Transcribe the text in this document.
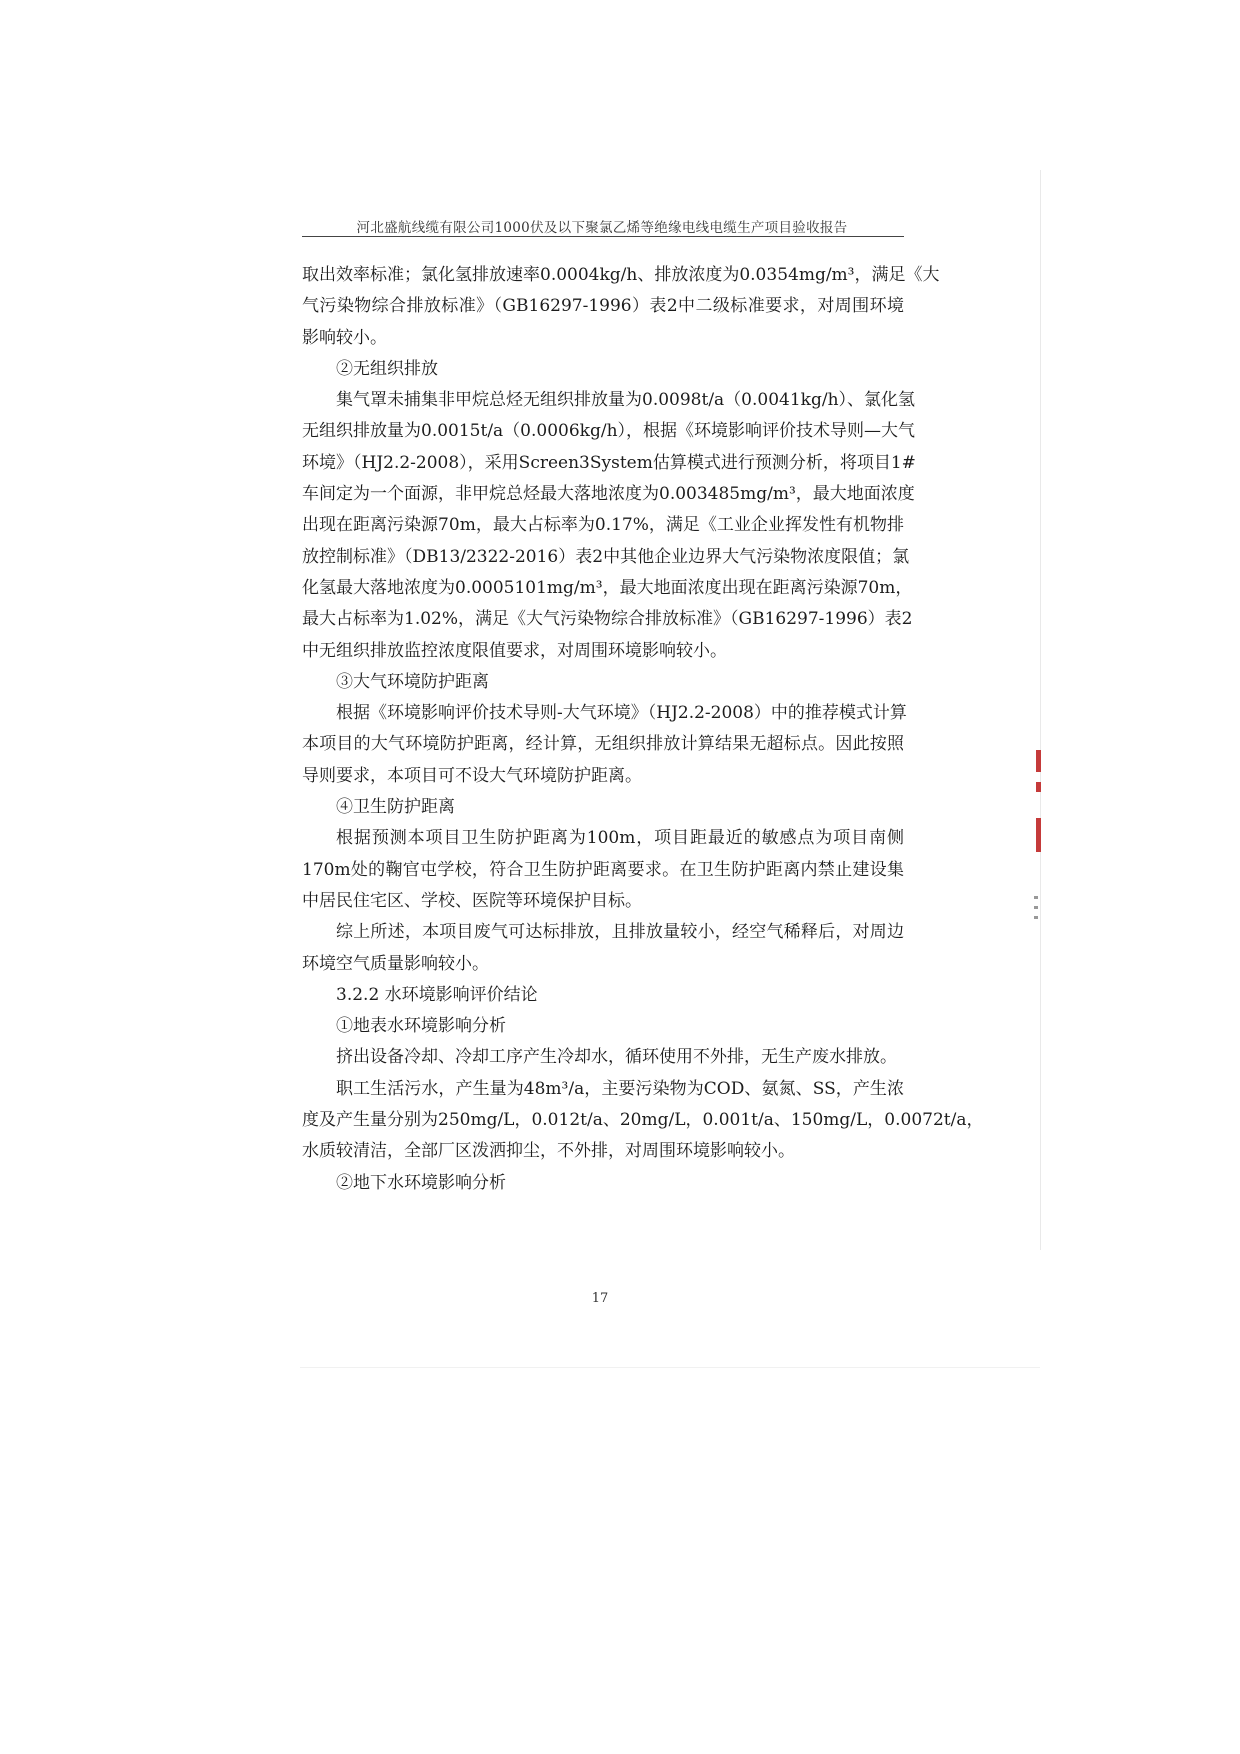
河北盛航线缆有限公司1000伏及以下聚氯乙烯等绝缘电线电缆生产项目验收报告
取出效率标准；氯化氢排放速率0.0004kg/h、排放浓度为0.0354mg/m³，满足《大
气污染物综合排放标准》（GB16297-1996）表2中二级标准要求，对周围环境
影响较小。
②无组织排放
集气罩未捕集非甲烷总烃无组织排放量为0.0098t/a（0.0041kg/h）、氯化氢
无组织排放量为0.0015t/a（0.0006kg/h），根据《环境影响评价技术导则—大气
环境》（HJ2.2-2008），采用Screen3System估算模式进行预测分析，将项目1#
车间定为一个面源，非甲烷总烃最大落地浓度为0.003485mg/m³，最大地面浓度
出现在距离污染源70m，最大占标率为0.17%，满足《工业企业挥发性有机物排
放控制标准》（DB13/2322-2016）表2中其他企业边界大气污染物浓度限值；氯
化氢最大落地浓度为0.0005101mg/m³，最大地面浓度出现在距离污染源70m，
最大占标率为1.02%，满足《大气污染物综合排放标准》（GB16297-1996）表2
中无组织排放监控浓度限值要求，对周围环境影响较小。
③大气环境防护距离
根据《环境影响评价技术导则-大气环境》（HJ2.2-2008）中的推荐模式计算
本项目的大气环境防护距离，经计算，无组织排放计算结果无超标点。因此按照
导则要求，本项目可不设大气环境防护距离。
④卫生防护距离
根据预测本项目卫生防护距离为100m，项目距最近的敏感点为项目南侧
170m处的鞠官屯学校，符合卫生防护距离要求。在卫生防护距离内禁止建设集
中居民住宅区、学校、医院等环境保护目标。
综上所述，本项目废气可达标排放，且排放量较小，经空气稀释后，对周边
环境空气质量影响较小。
3.2.2 水环境影响评价结论
①地表水环境影响分析
挤出设备冷却、冷却工序产生冷却水，循环使用不外排，无生产废水排放。
职工生活污水，产生量为48m³/a，主要污染物为COD、氨氮、SS，产生浓
度及产生量分别为250mg/L，0.012t/a、20mg/L，0.001t/a、150mg/L，0.0072t/a，
水质较清洁，全部厂区泼洒抑尘，不外排，对周围环境影响较小。
②地下水环境影响分析
17
